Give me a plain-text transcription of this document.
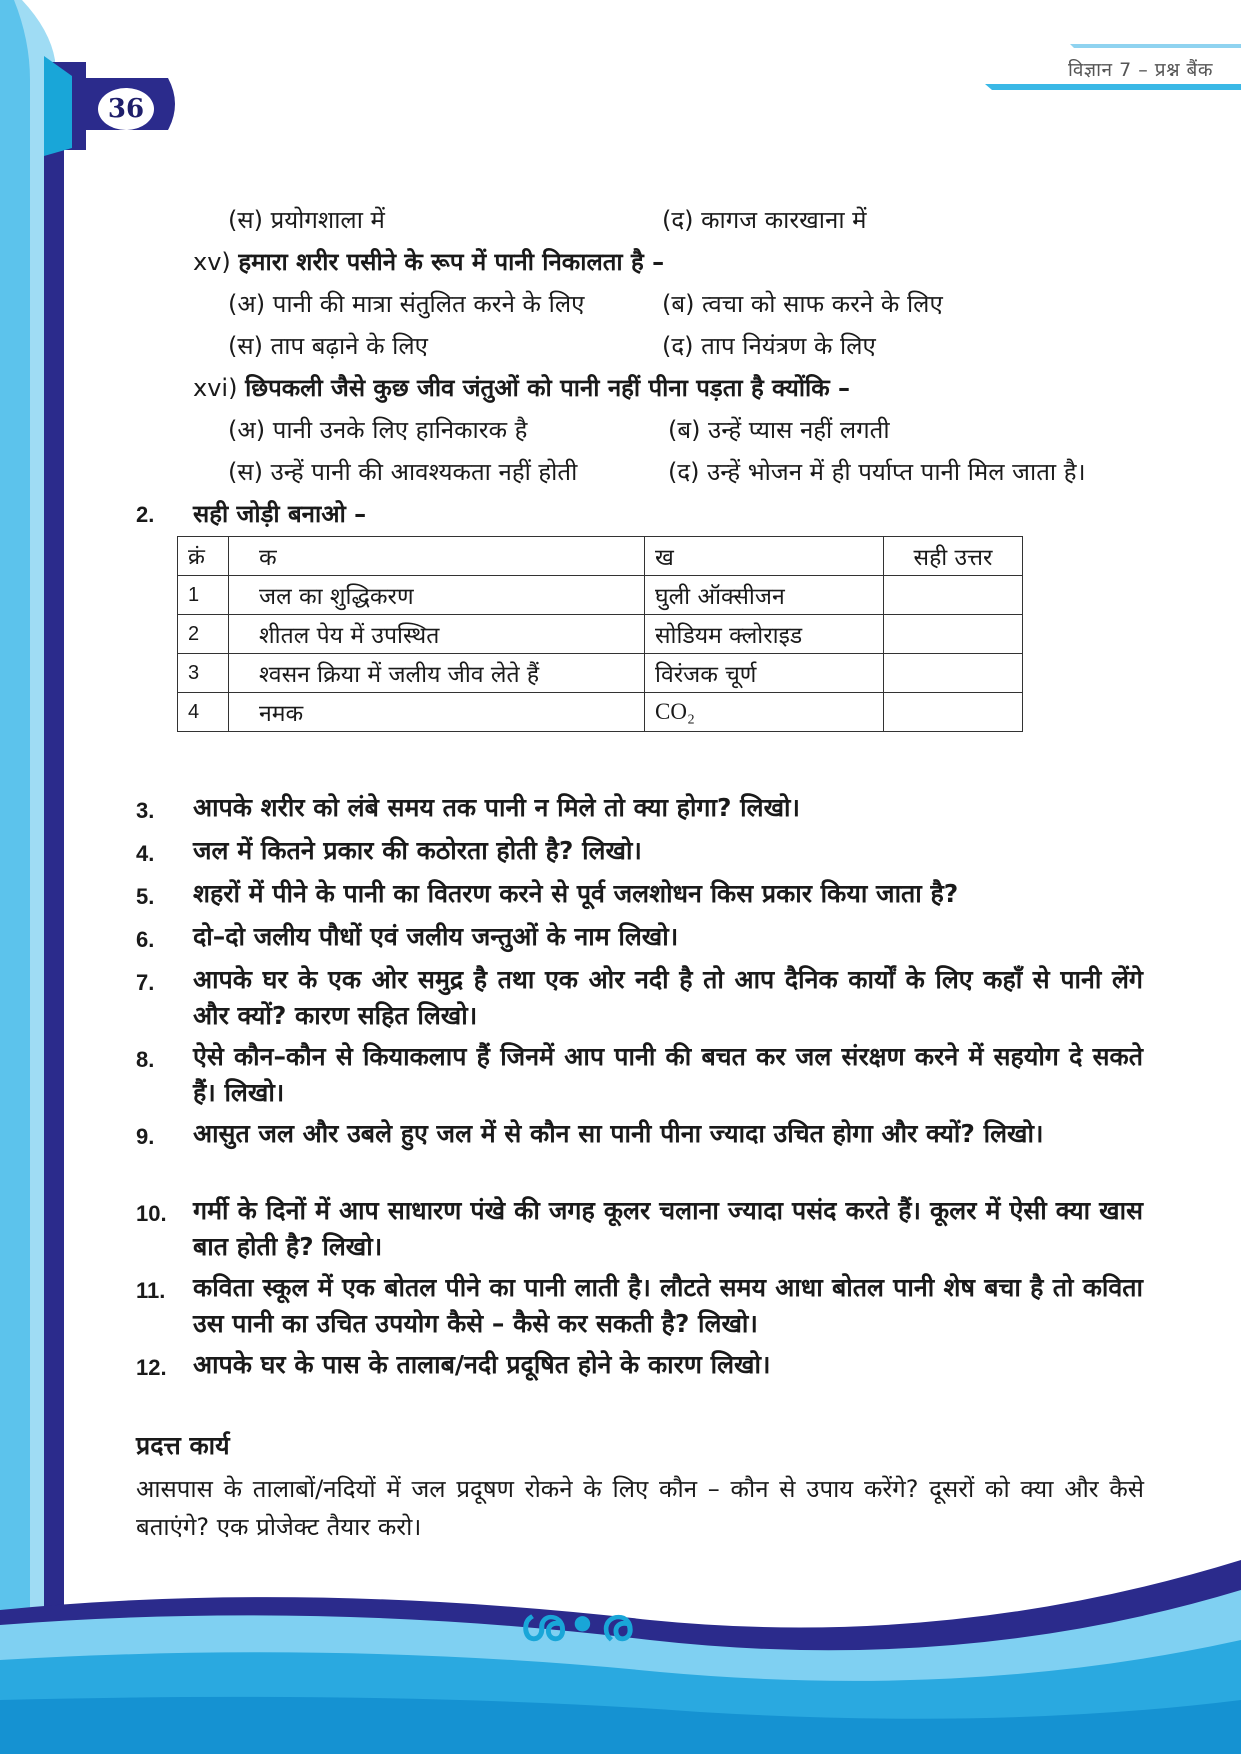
विज्ञान 7 – प्रश्न बैंक
36
(स) प्रयोगशाला में	(द) कागज कारखाना में
xv) हमारा शरीर पसीने के रूप में पानी निकालता है –
(अ) पानी की मात्रा संतुलित करने के लिए	(ब) त्वचा को साफ करने के लिए
(स) ताप बढ़ाने के लिए	(द) ताप नियंत्रण के लिए
xvi) छिपकली जैसे कुछ जीव जंतुओं को पानी नहीं पीना पड़ता है क्योंकि –
(अ) पानी उनके लिए हानिकारक है	(ब) उन्हें प्यास नहीं लगती
(स) उन्हें पानी की आवश्यकता नहीं होती	(द) उन्हें भोजन में ही पर्याप्त पानी मिल जाता है।
2. सही जोड़ी बनाओ –
क्रं	क	ख	सही उत्तर
1	जल का शुद्धिकरण	घुली ऑक्सीजन	
2	शीतल पेय में उपस्थित	सोडियम क्लोराइड	
3	श्वसन क्रिया में जलीय जीव लेते हैं	विरंजक चूर्ण	
4	नमक	CO₂	
3. आपके शरीर को लंबे समय तक पानी न मिले तो क्या होगा? लिखो।
4. जल में कितने प्रकार की कठोरता होती है? लिखो।
5. शहरों में पीने के पानी का वितरण करने से पूर्व जलशोधन किस प्रकार किया जाता है?
6. दो–दो जलीय पौधों एवं जलीय जन्तुओं के नाम लिखो।
7. आपके घर के एक ओर समुद्र है तथा एक ओर नदी है तो आप दैनिक कार्यों के लिए कहाँ से पानी लेंगे और क्यों? कारण सहित लिखो।
8. ऐसे कौन–कौन से कियाकलाप हैं जिनमें आप पानी की बचत कर जल संरक्षण करने में सहयोग दे सकते हैं। लिखो।
9. आसुत जल और उबले हुए जल में से कौन सा पानी पीना ज्यादा उचित होगा और क्यों? लिखो।
10. गर्मी के दिनों में आप साधारण पंखे की जगह कूलर चलाना ज्यादा पसंद करते हैं। कूलर में ऐसी क्या खास बात होती है? लिखो।
11. कविता स्कूल में एक बोतल पीने का पानी लाती है। लौटते समय आधा बोतल पानी शेष बचा है तो कविता उस पानी का उचित उपयोग कैसे – कैसे कर सकती है? लिखो।
12. आपके घर के पास के तालाब/नदी प्रदूषित होने के कारण लिखो।
प्रदत्त कार्य
आसपास के तालाबों/नदियों में जल प्रदूषण रोकने के लिए कौन – कौन से उपाय करेंगे? दूसरों को क्या और कैसे बताएंगे? एक प्रोजेक्ट तैयार करो।
ശ•ര
